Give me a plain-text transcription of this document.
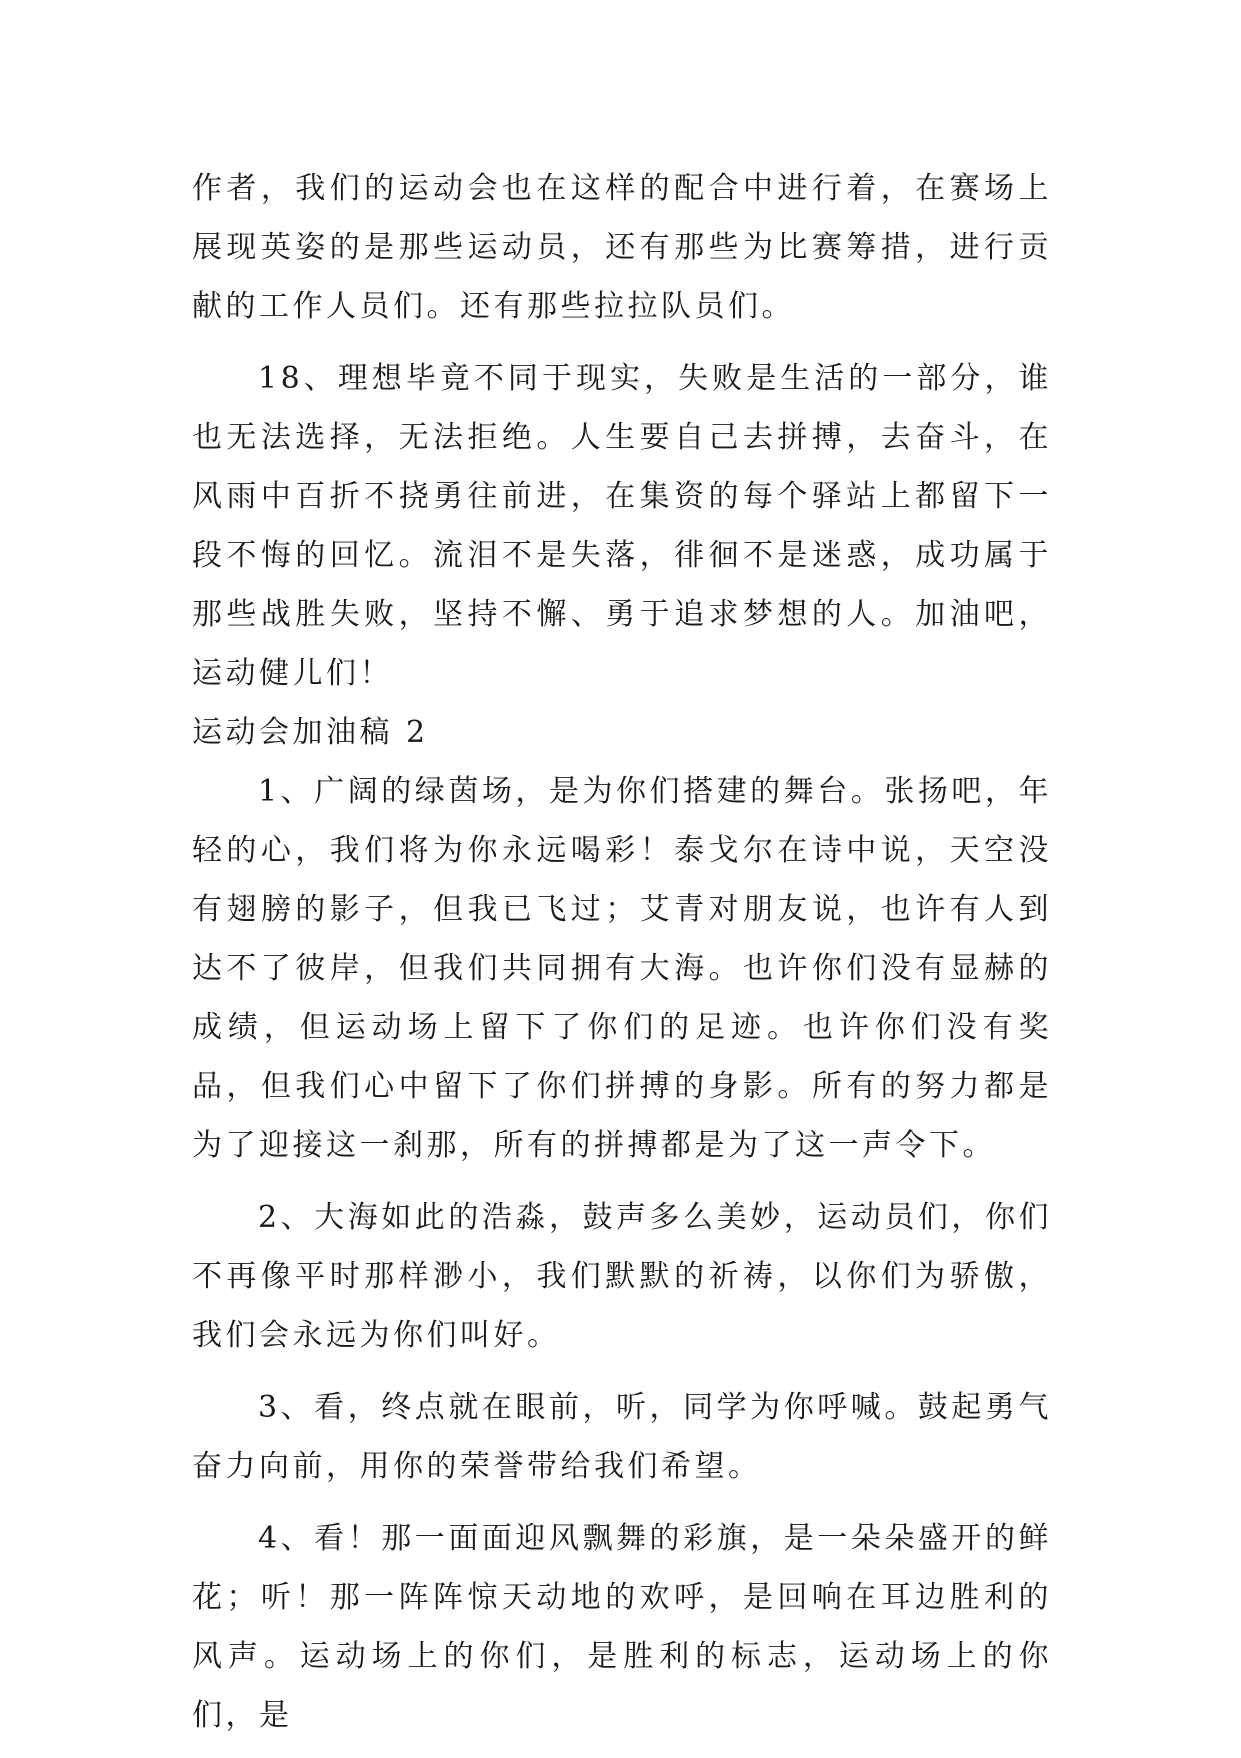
作者，我们的运动会也在这样的配合中进行着，在赛场上展现英姿的是那些运动员，还有那些为比赛筹措，进行贡献的工作人员们。还有那些拉拉队员们。

18、理想毕竟不同于现实，失败是生活的一部分，谁也无法选择，无法拒绝。人生要自己去拼搏，去奋斗，在风雨中百折不挠勇往前进，在集资的每个驿站上都留下一段不悔的回忆。流泪不是失落，徘徊不是迷惑，成功属于那些战胜失败，坚持不懈、勇于追求梦想的人。加油吧，运动健儿们！

运动会加油稿 2

1、广阔的绿茵场，是为你们搭建的舞台。张扬吧，年轻的心，我们将为你永远喝彩！泰戈尔在诗中说，天空没有翅膀的影子，但我已飞过；艾青对朋友说，也许有人到达不了彼岸，但我们共同拥有大海。也许你们没有显赫的成绩，但运动场上留下了你们的足迹。也许你们没有奖品，但我们心中留下了你们拼搏的身影。所有的努力都是为了迎接这一刹那，所有的拼搏都是为了这一声令下。

2、大海如此的浩淼，鼓声多么美妙，运动员们，你们不再像平时那样渺小，我们默默的祈祷，以你们为骄傲，我们会永远为你们叫好。

3、看，终点就在眼前，听，同学为你呼喊。鼓起勇气奋力向前，用你的荣誉带给我们希望。

4、看！那一面面迎风飘舞的彩旗，是一朵朵盛开的鲜花；听！那一阵阵惊天动地的欢呼，是回响在耳边胜利的风声。运动场上的你们，是胜利的标志，运动场上的你们，是
